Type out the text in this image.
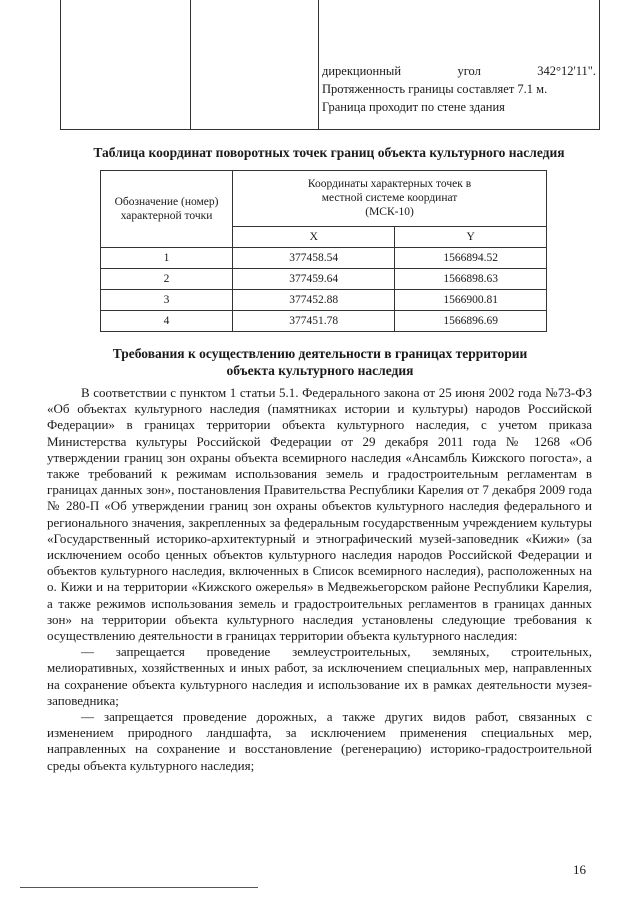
дирекционный	угол	342°12'11".
Протяженность границы составляет 7.1 м.
Граница проходит по стене здания
Таблица координат поворотных точек границ объекта культурного наследия
Обозначение (номер) характерной точки	Координаты характерных точек в местной системе координат (МСК-10)	
	X	Y
1	377458.54	1566894.52
2	377459.64	1566898.63
3	377452.88	1566900.81
4	377451.78	1566896.69
Требования к осуществлению деятельности в границах территории
объекта культурного наследия

В соответствии с пунктом 1 статьи 5.1. Федерального закона от 25 июня 2002 года №73-ФЗ «Об объектах культурного наследия (памятниках истории и культуры) народов Российской Федерации» в границах территории объекта культурного наследия, с учетом приказа Министерства культуры Российской Федерации от 29 декабря 2011 года № 1268 «Об утверждении границ зон охраны объекта всемирного наследия «Ансамбль Кижского погоста», а также требований к режимам использования земель и градостроительным регламентам в границах данных зон», постановления Правительства Республики Карелия от 7 декабря 2009 года № 280-П «Об утверждении границ зон охраны объектов культурного наследия федерального и регионального значения, закрепленных за федеральным государственным учреждением культуры «Государственный историко-архитектурный и этнографический музей-заповедник «Кижи» (за исключением особо ценных объектов культурного наследия народов Российской Федерации и объектов культурного наследия, включенных в Список всемирного наследия), расположенных на о. Кижи и на территории «Кижского ожерелья» в Медвежьегорском районе Республики Карелия, а также режимов использования земель и градостроительных регламентов в границах данных зон» на территории объекта культурного наследия установлены следующие требования к осуществлению деятельности в границах территории объекта культурного наследия:

— запрещается проведение землеустроительных, земляных, строительных, мелиоративных, хозяйственных и иных работ, за исключением специальных мер, направленных на сохранение объекта культурного наследия и использование их в рамках деятельности музея-заповедника;

— запрещается проведение дорожных, а также других видов работ, связанных с изменением природного ландшафта, за исключением применения специальных мер, направленных на сохранение и восстановление (регенерацию) историко-градостроительной среды объекта культурного наследия;

16
